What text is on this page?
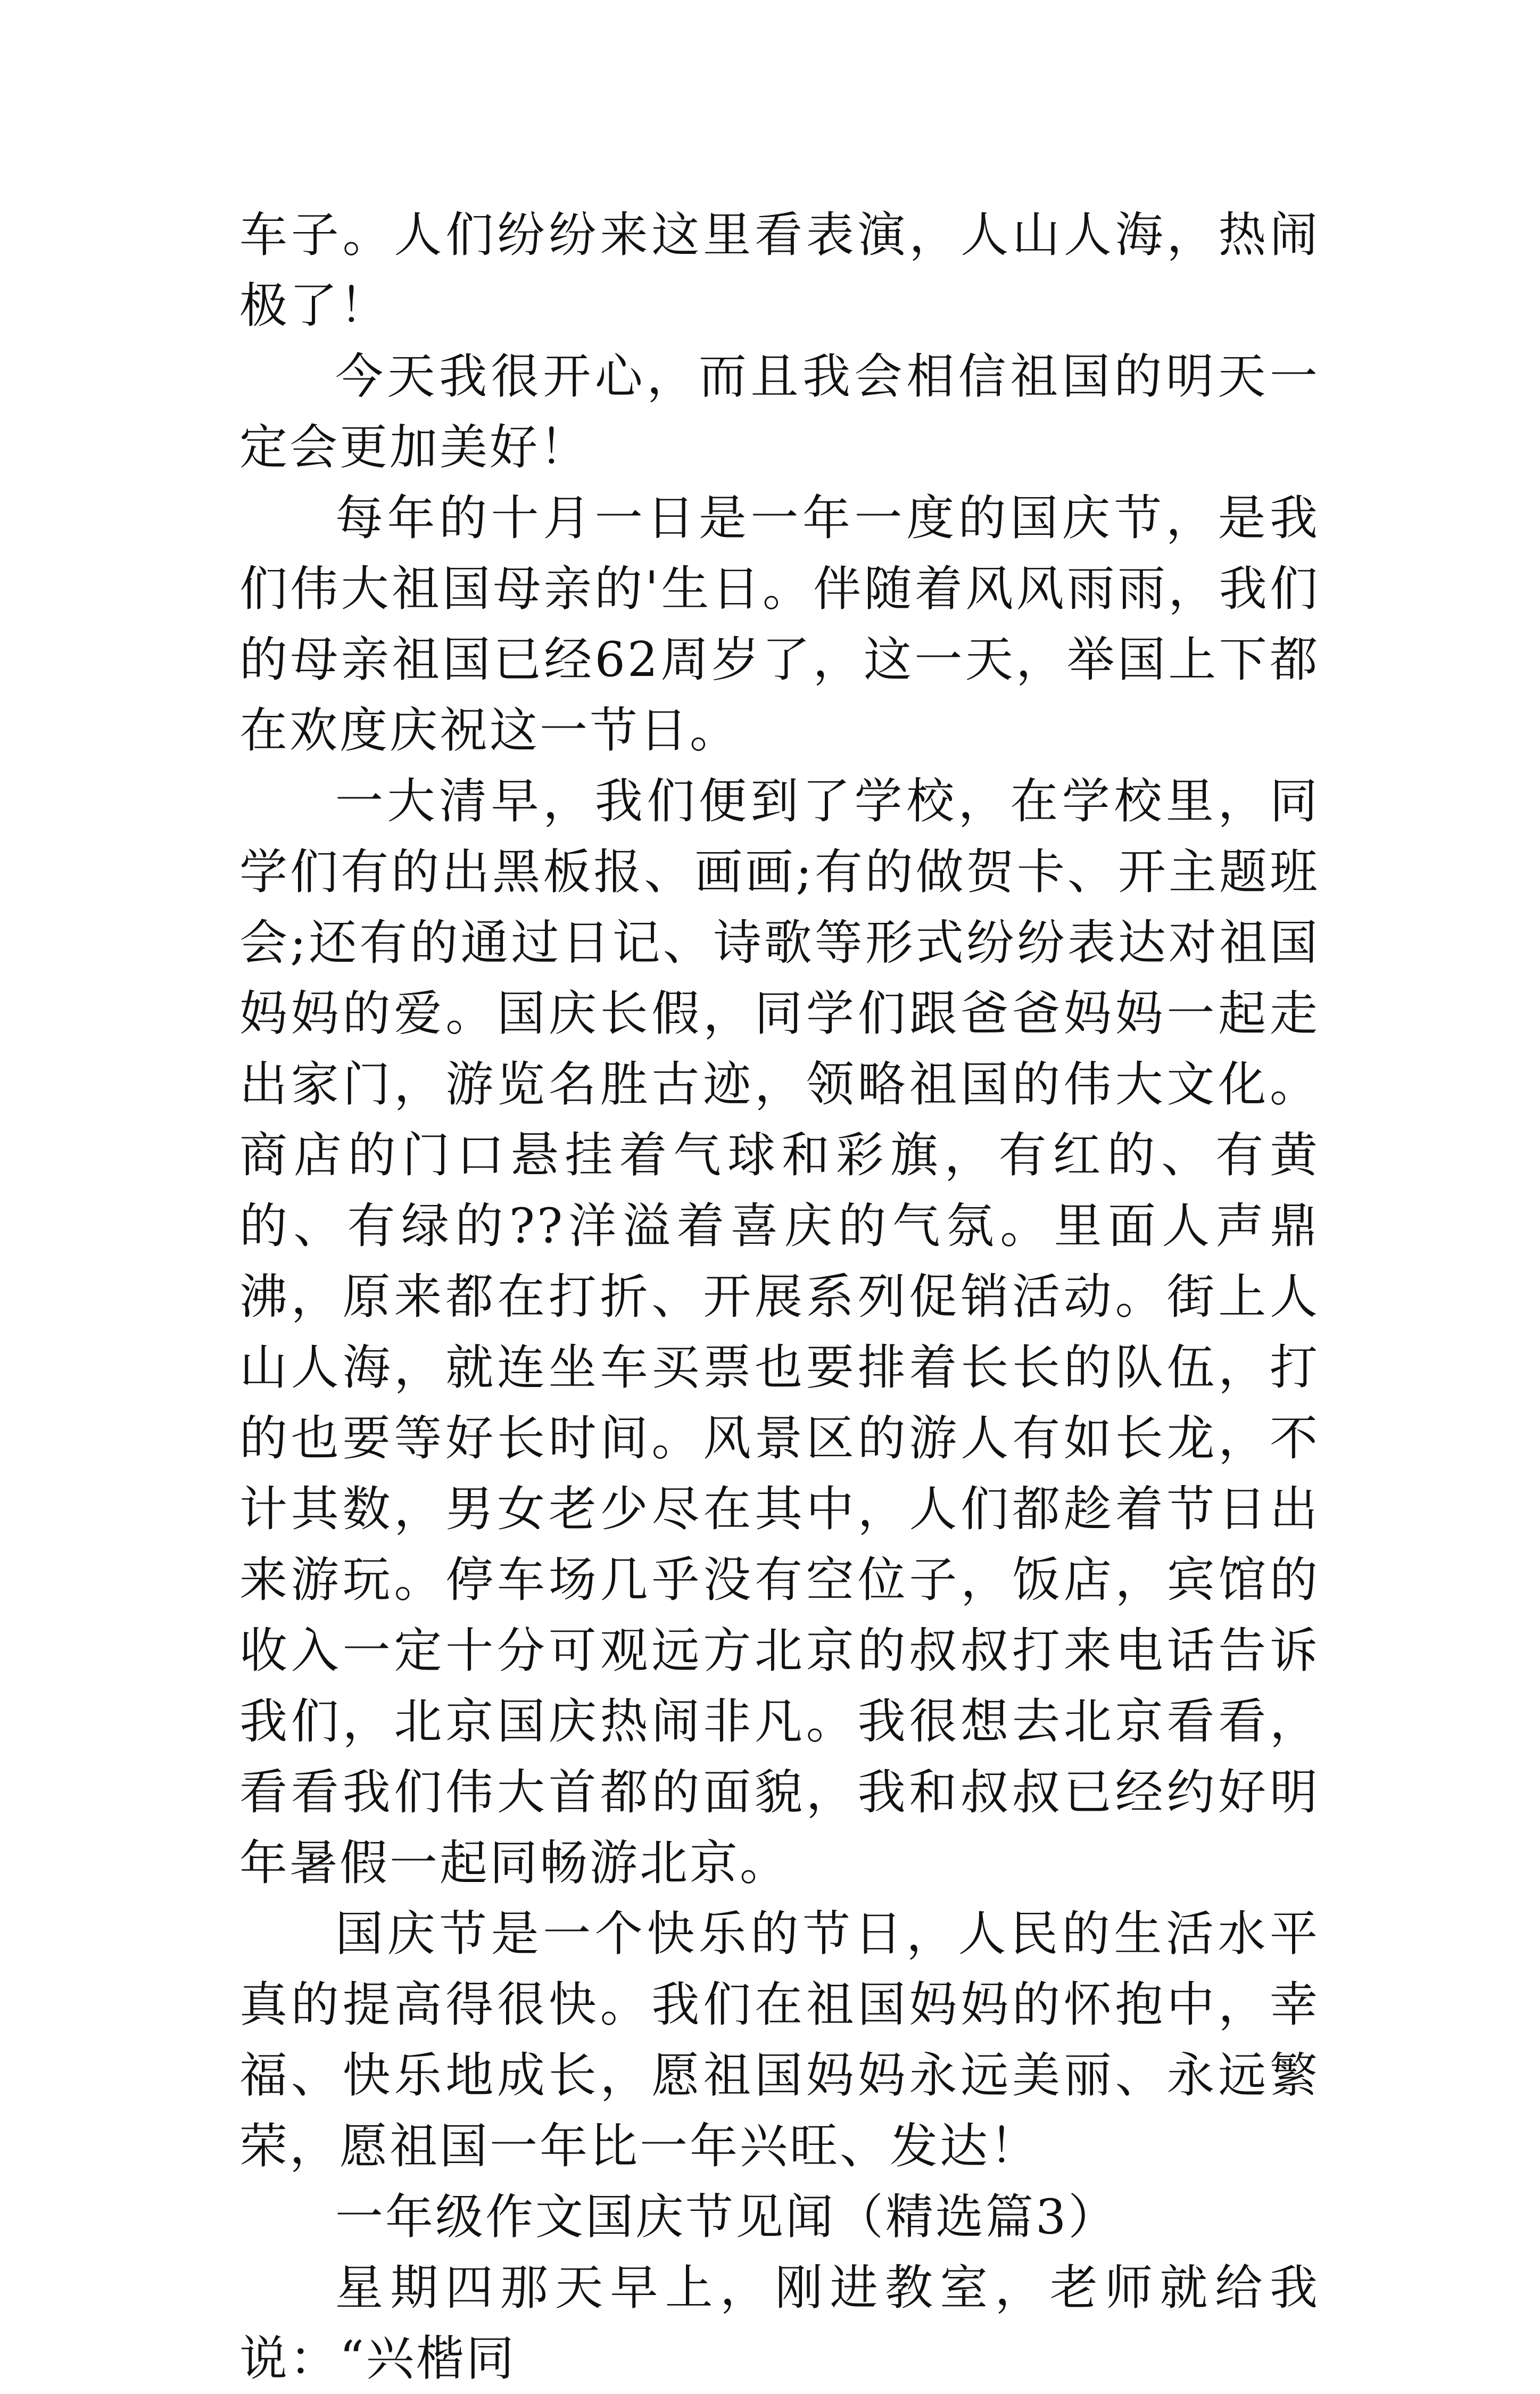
车子。人们纷纷来这里看表演，人山人海，热闹极了！

今天我很开心，而且我会相信祖国的明天一定会更加美好！

每年的十月一日是一年一度的国庆节，是我们伟大祖国母亲的'生日。伴随着风风雨雨，我们的母亲祖国已经62周岁了，这一天，举国上下都在欢度庆祝这一节日。

一大清早，我们便到了学校，在学校里，同学们有的出黑板报、画画;有的做贺卡、开主题班会;还有的通过日记、诗歌等形式纷纷表达对祖国妈妈的爱。国庆长假，同学们跟爸爸妈妈一起走出家门，游览名胜古迹，领略祖国的伟大文化。商店的门口悬挂着气球和彩旗，有红的、有黄的、有绿的??洋溢着喜庆的气氛。里面人声鼎沸，原来都在打折、开展系列促销活动。街上人山人海，就连坐车买票也要排着长长的队伍，打的也要等好长时间。风景区的游人有如长龙，不计其数，男女老少尽在其中，人们都趁着节日出来游玩。停车场几乎没有空位子，饭店，宾馆的收入一定十分可观远方北京的叔叔打来电话告诉我们，北京国庆热闹非凡。我很想去北京看看，看看我们伟大首都的面貌，我和叔叔已经约好明年暑假一起同畅游北京。

国庆节是一个快乐的节日，人民的生活水平真的提高得很快。我们在祖国妈妈的怀抱中，幸福、快乐地成长，愿祖国妈妈永远美丽、永远繁荣，愿祖国一年比一年兴旺、发达！

一年级作文国庆节见闻（精选篇3）

星期四那天早上，刚进教室，老师就给我说：“兴楷同
